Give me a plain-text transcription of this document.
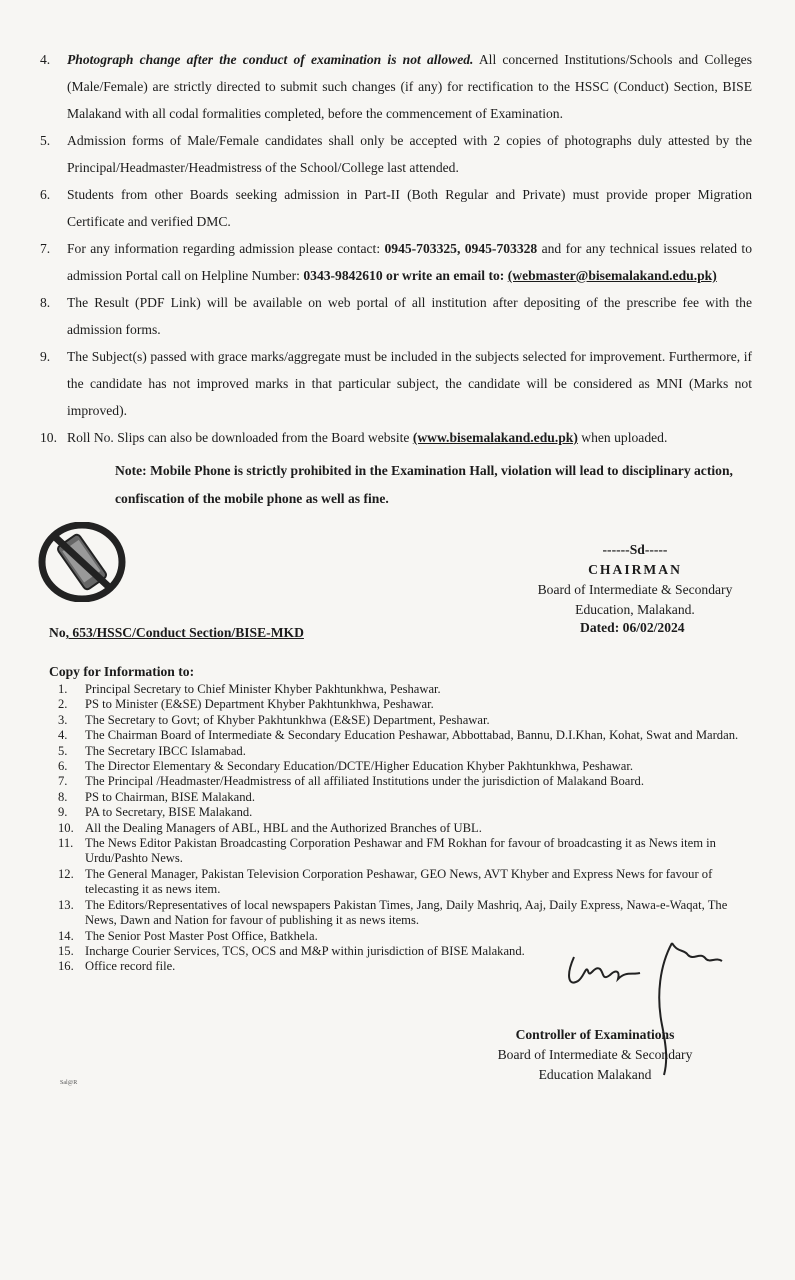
4.	Photograph change after the conduct of examination is not allowed. All concerned Institutions/Schools and Colleges (Male/Female) are strictly directed to submit such changes (if any) for rectification to the HSSC (Conduct) Section, BISE Malakand with all codal formalities completed, before the commencement of Examination.
5.	Admission forms of Male/Female candidates shall only be accepted with 2 copies of photographs duly attested by the Principal/Headmaster/Headmistress of the School/College last attended.
6.	Students from other Boards seeking admission in Part-II (Both Regular and Private) must provide proper Migration Certificate and verified DMC.
7.	For any information regarding admission please contact: 0945-703325, 0945-703328 and for any technical issues related to admission Portal call on Helpline Number: 0343-9842610 or write an email to: (webmaster@bisemalakand.edu.pk)
8.	The Result (PDF Link) will be available on web portal of all institution after depositing of the prescribe fee with the admission forms.
9.	The Subject(s) passed with grace marks/aggregate must be included in the subjects selected for improvement. Furthermore, if the candidate has not improved marks in that particular subject, the candidate will be considered as MNI (Marks not improved).
10. Roll No. Slips can also be downloaded from the Board website (www.bisemalakand.edu.pk) when uploaded.
Note: Mobile Phone is strictly prohibited in the Examination Hall, violation will lead to disciplinary action, confiscation of the mobile phone as well as fine.
------Sd-----
CHAIRMAN
Board of Intermediate & Secondary
Education, Malakand.
Dated: 06/02/2024
No, 653/HSSC/Conduct Section/BISE-MKD
Copy for Information to:
1.	Principal Secretary to Chief Minister Khyber Pakhtunkhwa, Peshawar.
2.	PS to Minister (E&SE) Department Khyber Pakhtunkhwa, Peshawar.
3.	The Secretary to Govt; of Khyber Pakhtunkhwa (E&SE) Department, Peshawar.
4.	The Chairman Board of Intermediate & Secondary Education Peshawar, Abbottabad, Bannu, D.I.Khan, Kohat, Swat and Mardan.
5.	The Secretary IBCC Islamabad.
6.	The Director Elementary & Secondary Education/DCTE/Higher Education Khyber Pakhtunkhwa, Peshawar.
7.	The Principal /Headmaster/Headmistress of all affiliated Institutions under the jurisdiction of Malakand Board.
8.	PS to Chairman, BISE Malakand.
9.	PA to Secretary, BISE Malakand.
10. All the Dealing Managers of ABL, HBL and the Authorized Branches of UBL.
11. The News Editor Pakistan Broadcasting Corporation Peshawar and FM Rokhan for favour of broadcasting it as News item in Urdu/Pashto News.
12. The General Manager, Pakistan Television Corporation Peshawar, GEO News, AVT Khyber and Express News for favour of telecasting it as news item.
13. The Editors/Representatives of local newspapers Pakistan Times, Jang, Daily Mashriq, Aaj, Daily Express, Nawa-e-Waqat, The News, Dawn and Nation for favour of publishing it as news items.
14. The Senior Post Master Post Office, Batkhela.
15. Incharge Courier Services, TCS, OCS and M&P within jurisdiction of BISE Malakand.
16. Office record file.
Controller of Examinations
Board of Intermediate & Secondary
Education Malakand
Sal@R
